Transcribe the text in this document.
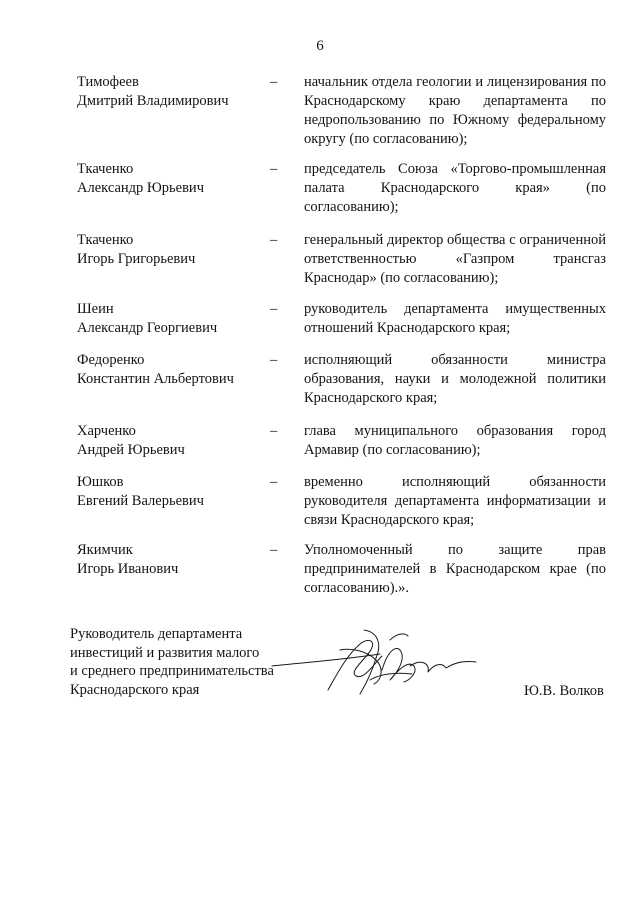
6
Тимофеев
Дмитрий Владимирович
– начальник отдела геологии и лицензирования по Краснодарскому краю департамента по недропользованию по Южному федеральному округу (по согласованию);
Ткаченко
Александр Юрьевич
– председатель Союза «Торгово-промышленная палата Краснодарского края» (по согласованию);
Ткаченко
Игорь Григорьевич
– генеральный директор общества с ограниченной ответственностью «Газпром трансгаз Краснодар» (по согласованию);
Шеин
Александр Георгиевич
– руководитель департамента имущественных отношений Краснодарского края;
Федоренко
Константин Альбертович
– исполняющий обязанности министра образования, науки и молодежной политики Краснодарского края;
Харченко
Андрей Юрьевич
– глава муниципального образования город Армавир (по согласованию);
Юшков
Евгений Валерьевич
– временно исполняющий обязанности руководителя департамента информатизации и связи Краснодарского края;
Якимчик
Игорь Иванович
– Уполномоченный по защите прав предпринимателей в Краснодарском крае (по согласованию).».
Руководитель департамента
инвестиций и развития малого
и среднего предпринимательства
Краснодарского края	Ю.В. Волков
